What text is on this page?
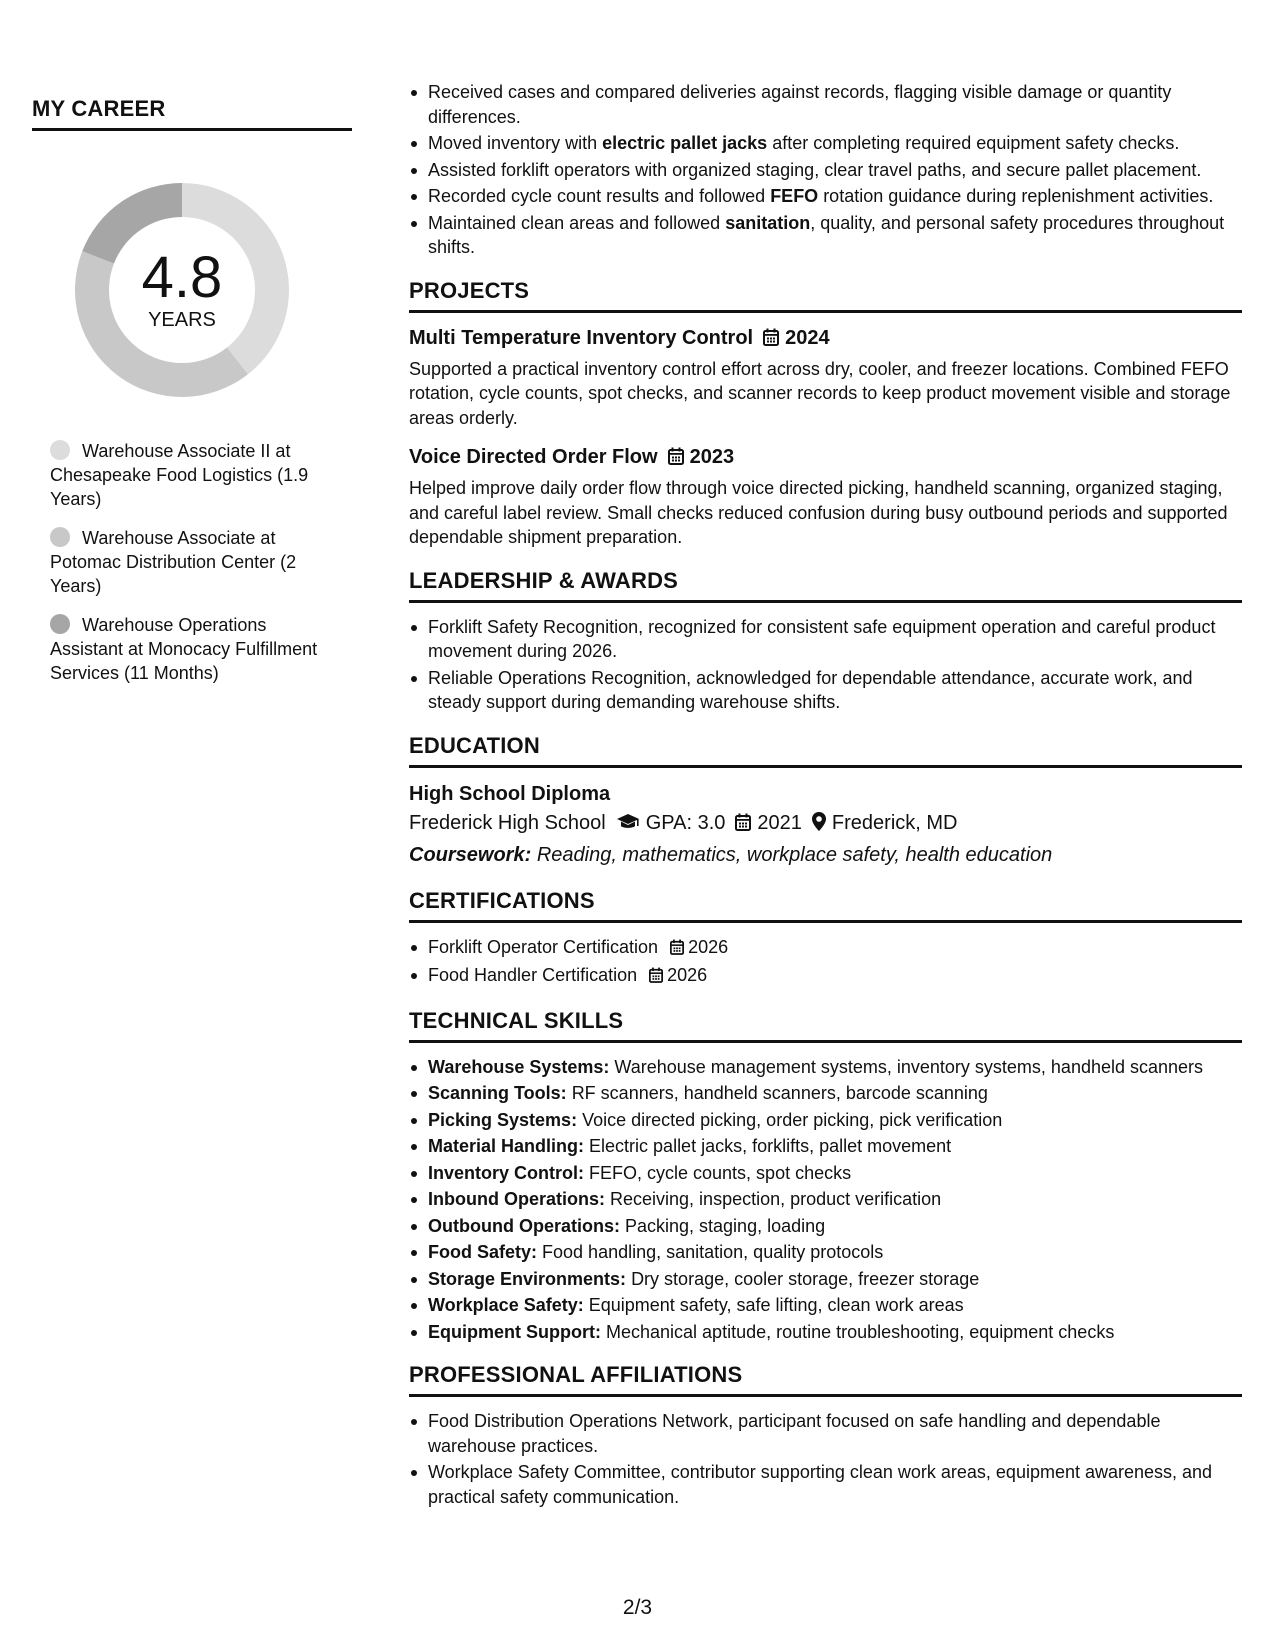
MY CAREER
4.8
YEARS
Warehouse Associate II at Chesapeake Food Logistics (1.9 Years)
Warehouse Associate at Potomac Distribution Center (2 Years)
Warehouse Operations Assistant at Monocacy Fulfillment Services (11 Months)
Received cases and compared deliveries against records, flagging visible damage or quantity differences.
Moved inventory with electric pallet jacks after completing required equipment safety checks.
Assisted forklift operators with organized staging, clear travel paths, and secure pallet placement.
Recorded cycle count results and followed FEFO rotation guidance during replenishment activities.
Maintained clean areas and followed sanitation, quality, and personal safety procedures throughout shifts.
PROJECTS
Multi Temperature Inventory Control 2024

Supported a practical inventory control effort across dry, cooler, and freezer locations. Combined FEFO rotation, cycle counts, spot checks, and scanner records to keep product movement visible and storage areas orderly.

Voice Directed Order Flow 2023

Helped improve daily order flow through voice directed picking, handheld scanning, organized staging, and careful label review. Small checks reduced confusion during busy outbound periods and supported dependable shipment preparation.

LEADERSHIP & AWARDS
Forklift Safety Recognition, recognized for consistent safe equipment operation and careful product movement during 2026.
Reliable Operations Recognition, acknowledged for dependable attendance, accurate work, and steady support during demanding warehouse shifts.
EDUCATION
High School Diploma
Frederick High School GPA: 3.0 2021 Frederick, MD
Coursework: Reading, mathematics, workplace safety, health education
CERTIFICATIONS
Forklift Operator Certification 2026
Food Handler Certification 2026
TECHNICAL SKILLS
Warehouse Systems: Warehouse management systems, inventory systems, handheld scanners
Scanning Tools: RF scanners, handheld scanners, barcode scanning
Picking Systems: Voice directed picking, order picking, pick verification
Material Handling: Electric pallet jacks, forklifts, pallet movement
Inventory Control: FEFO, cycle counts, spot checks
Inbound Operations: Receiving, inspection, product verification
Outbound Operations: Packing, staging, loading
Food Safety: Food handling, sanitation, quality protocols
Storage Environments: Dry storage, cooler storage, freezer storage
Workplace Safety: Equipment safety, safe lifting, clean work areas
Equipment Support: Mechanical aptitude, routine troubleshooting, equipment checks
PROFESSIONAL AFFILIATIONS
Food Distribution Operations Network, participant focused on safe handling and dependable warehouse practices.
Workplace Safety Committee, contributor supporting clean work areas, equipment awareness, and practical safety communication.
2/3
